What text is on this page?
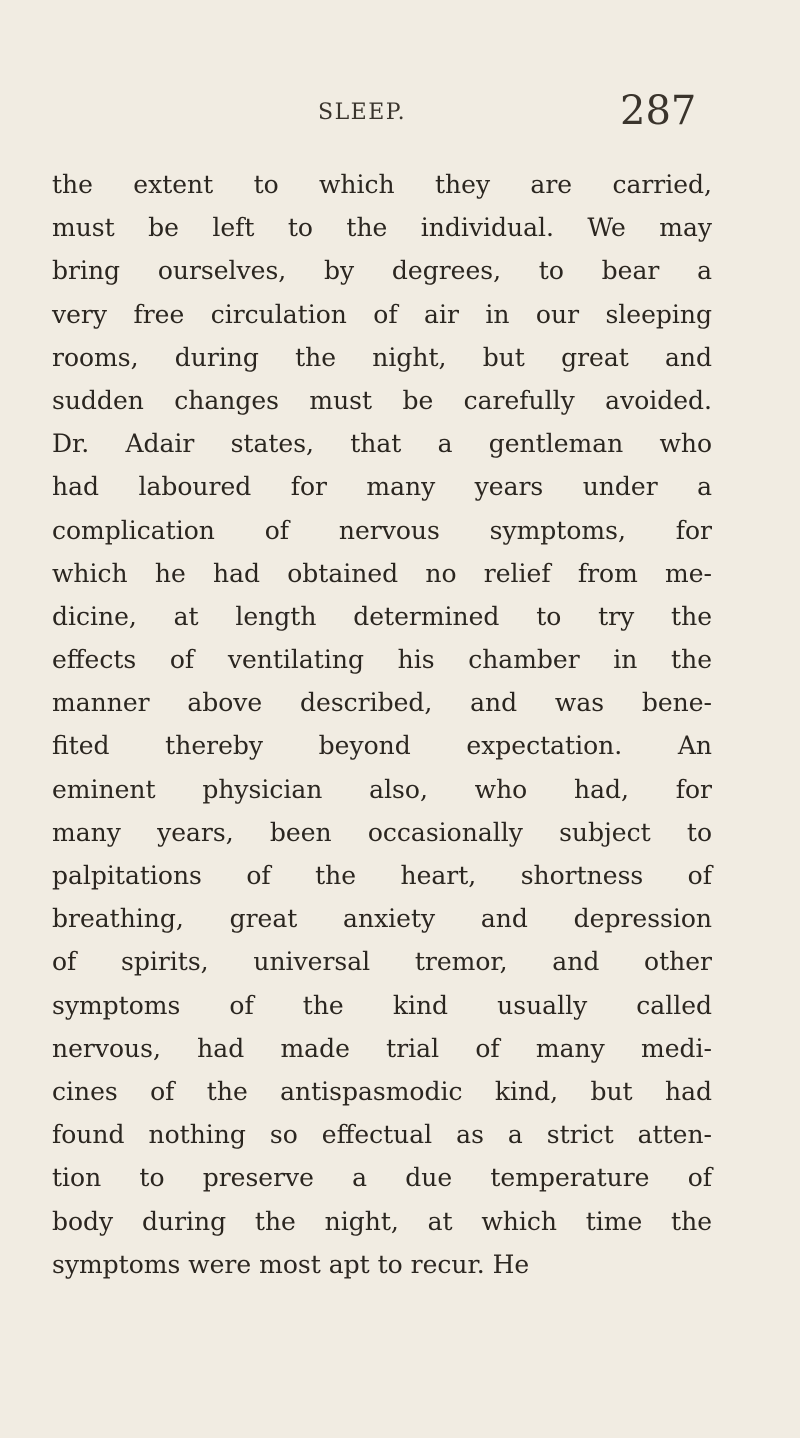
SLEEP.	287
the extent to which they are carried,
must be left to the individual. We may
bring ourselves, by degrees, to bear a
very free circulation of air in our sleeping
rooms, during the night, but great and
sudden changes must be carefully avoided.
Dr. Adair states, that a gentleman who
had laboured for many years under a
complication of nervous symptoms, for
which he had obtained no relief from me-
dicine, at length determined to try the
effects of ventilating his chamber in the
manner above described, and was bene-
fited thereby beyond expectation. An
eminent physician also, who had, for
many years, been occasionally subject to
palpitations of the heart, shortness of
breathing, great anxiety and depression
of spirits, universal tremor, and other
symptoms of the kind usually called
nervous, had made trial of many medi-
cines of the antispasmodic kind, but had
found nothing so effectual as a strict atten-
tion to preserve a due temperature of
body during the night, at which time the
symptoms were most apt to recur. He
